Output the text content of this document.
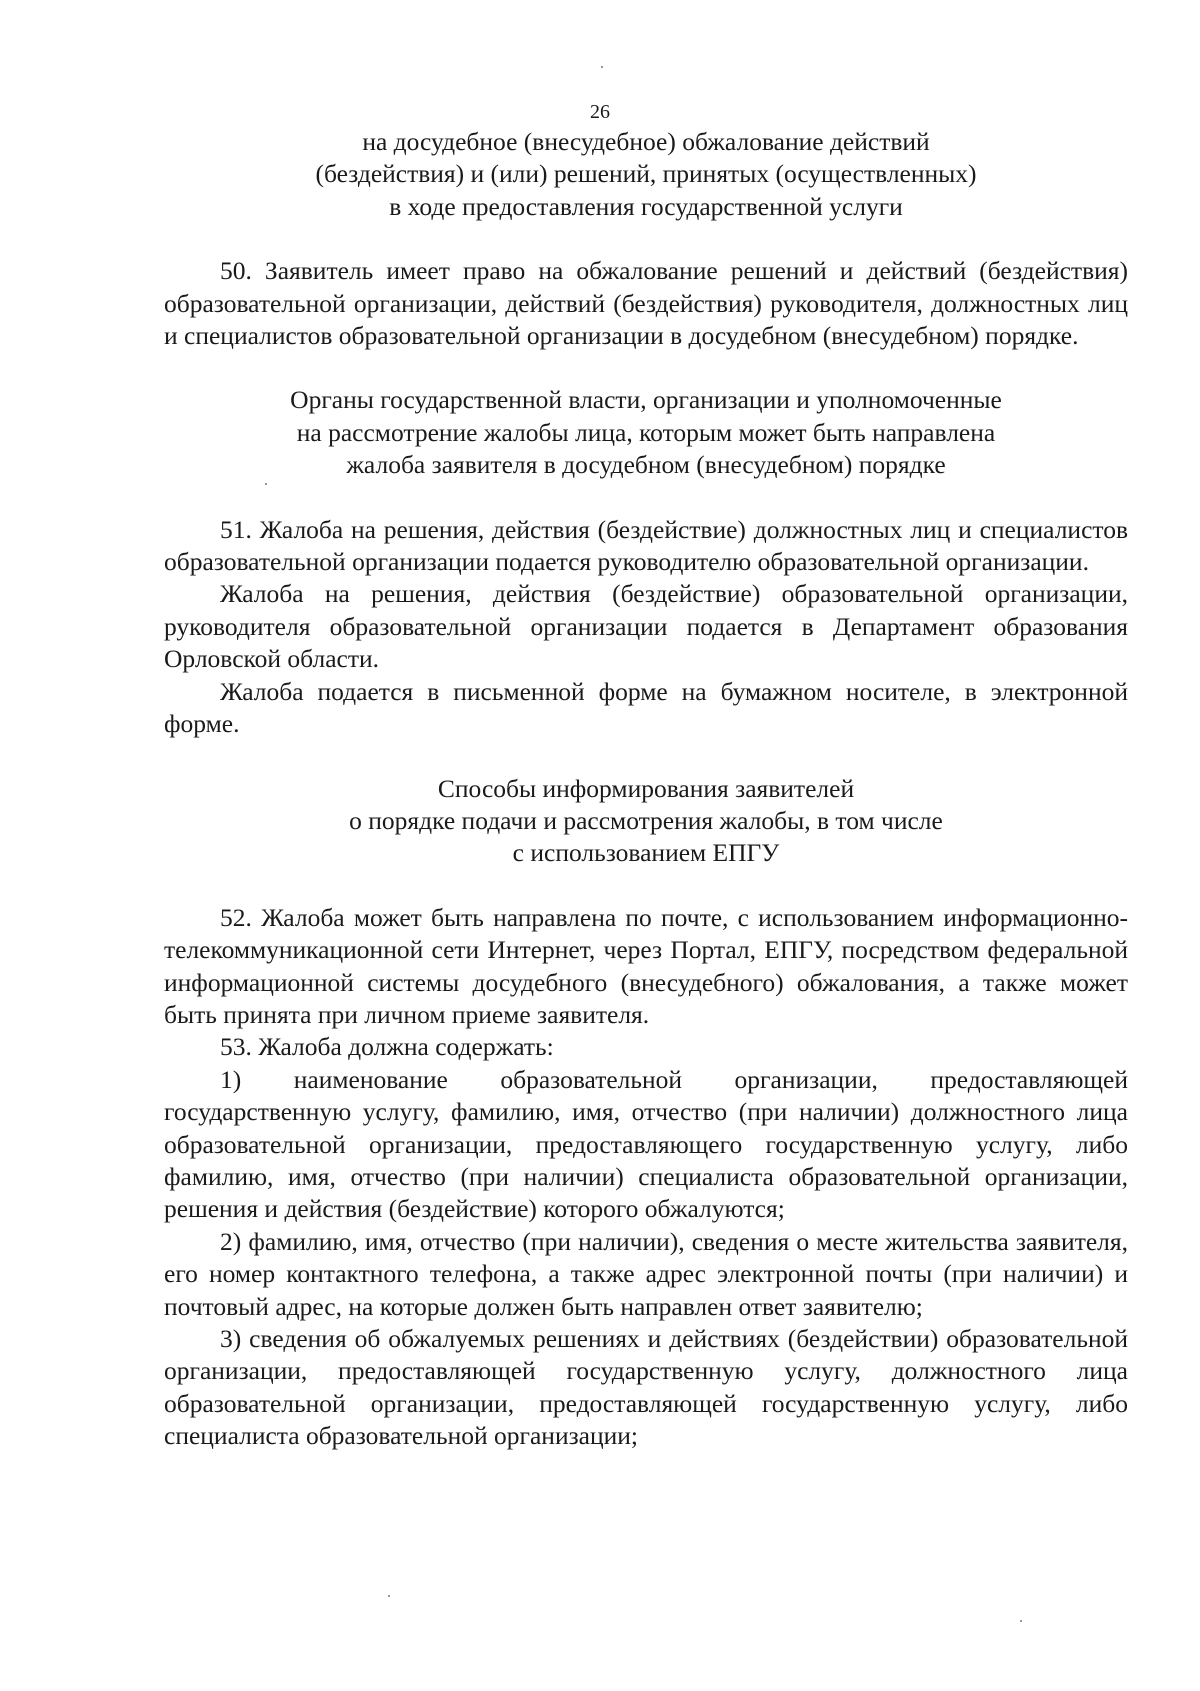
26
на досудебное (внесудебное) обжалование действий
(бездействия) и (или) решений, принятых (осуществленных)
в ходе предоставления государственной услуги

50. Заявитель имеет право на обжалование решений и действий (бездействия) образовательной организации, действий (бездействия) руководителя, должностных лиц и специалистов образовательной организации в досудебном (внесудебном) порядке.

Органы государственной власти, организации и уполномоченные
на рассмотрение жалобы лица, которым может быть направлена
жалоба заявителя в досудебном (внесудебном) порядке

51. Жалоба на решения, действия (бездействие) должностных лиц и специалистов образовательной организации подается руководителю образовательной организации.

Жалоба на решения, действия (бездействие) образовательной организации, руководителя образовательной организации подается в Департамент образования Орловской области.

Жалоба подается в письменной форме на бумажном носителе, в электронной форме.

Способы информирования заявителей
о порядке подачи и рассмотрения жалобы, в том числе
с использованием ЕПГУ

52. Жалоба может быть направлена по почте, с использованием информационно-телекоммуникационной сети Интернет, через Портал, ЕПГУ, посредством федеральной информационной системы досудебного (внесудебного) обжалования, а также может быть принята при личном приеме заявителя.

53. Жалоба должна содержать:

1) наименование образовательной организации, предоставляющей государственную услугу, фамилию, имя, отчество (при наличии) должностного лица образовательной организации, предоставляющего государственную услугу, либо фамилию, имя, отчество (при наличии) специалиста образовательной организации, решения и действия (бездействие) которого обжалуются;

2) фамилию, имя, отчество (при наличии), сведения о месте жительства заявителя, его номер контактного телефона, а также адрес электронной почты (при наличии) и почтовый адрес, на которые должен быть направлен ответ заявителю;

3) сведения об обжалуемых решениях и действиях (бездействии) образовательной организации, предоставляющей государственную услугу, должностного лица образовательной организации, предоставляющей государственную услугу, либо специалиста образовательной организации;
